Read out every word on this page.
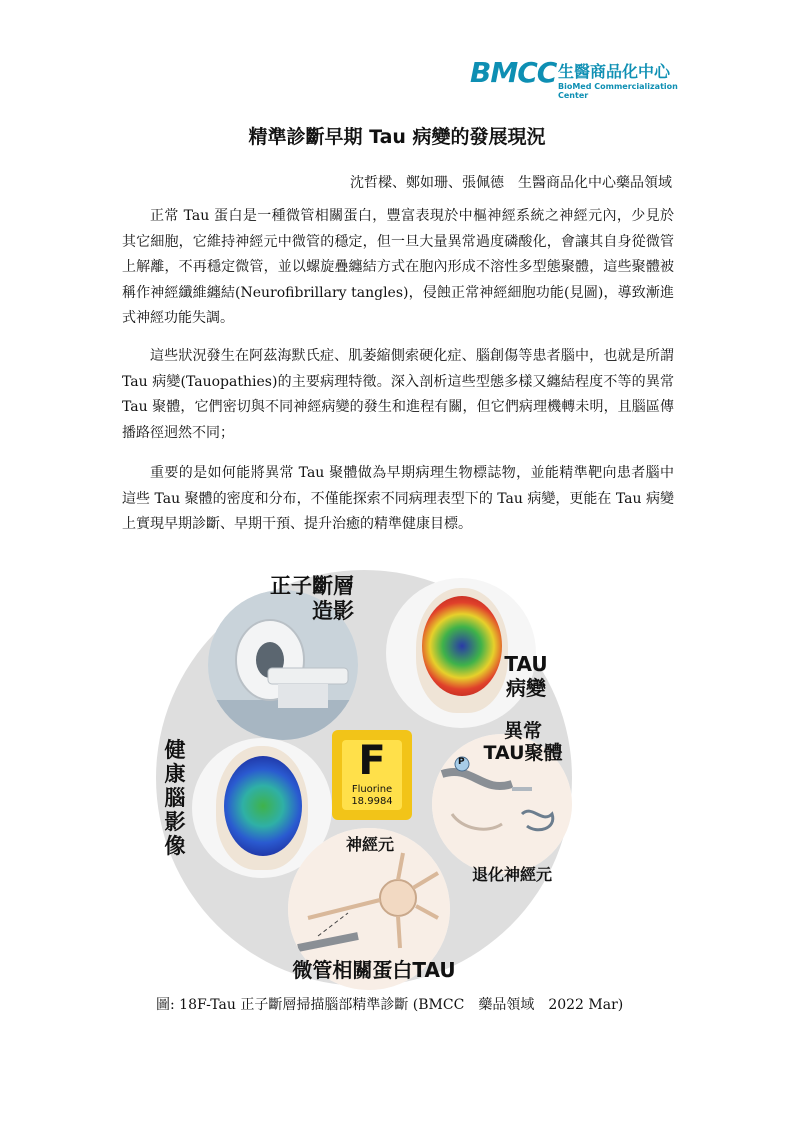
BMCC 生醫商品化中心
BioMed Commercialization Center
精準診斷早期 Tau 病變的發展現況
沈哲樑、鄭如珊、張佩德　生醫商品化中心藥品領域

正常 Tau 蛋白是一種微管相關蛋白，豐富表現於中樞神經系統之神經元內，少見於其它細胞，它維持神經元中微管的穩定，但一旦大量異常過度磷酸化，會讓其自身從微管上解離，不再穩定微管，並以螺旋疊纏結方式在胞內形成不溶性多型態聚體，這些聚體被稱作神經纖維纏結(Neurofibrillary tangles)，侵蝕正常神經細胞功能(見圖)，導致漸進式神經功能失調。

這些狀況發生在阿茲海默氏症、肌萎縮側索硬化症、腦創傷等患者腦中，也就是所謂 Tau 病變(Tauopathies)的主要病理特徵。深入剖析這些型態多樣又纏結程度不等的異常 Tau 聚體，它們密切與不同神經病變的發生和進程有關，但它們病理機轉未明，且腦區傳播路徑迥然不同；

重要的是如何能將異常 Tau 聚體做為早期病理生物標誌物，並能精準靶向患者腦中這些 Tau 聚體的密度和分布，不僅能探索不同病理表型下的 Tau 病變，更能在 Tau 病變上實現早期診斷、早期干預、提升治癒的精準健康目標。

正子斷層
造影
TAU
病變
健
康
腦
影
像
F
Fluorine
18.9984
P
異常
TAU聚體
退化神經元
神經元
微管相關蛋白TAU
圖: 18F-Tau 正子斷層掃描腦部精準診斷 (BMCC　藥品領域　2022 Mar)
